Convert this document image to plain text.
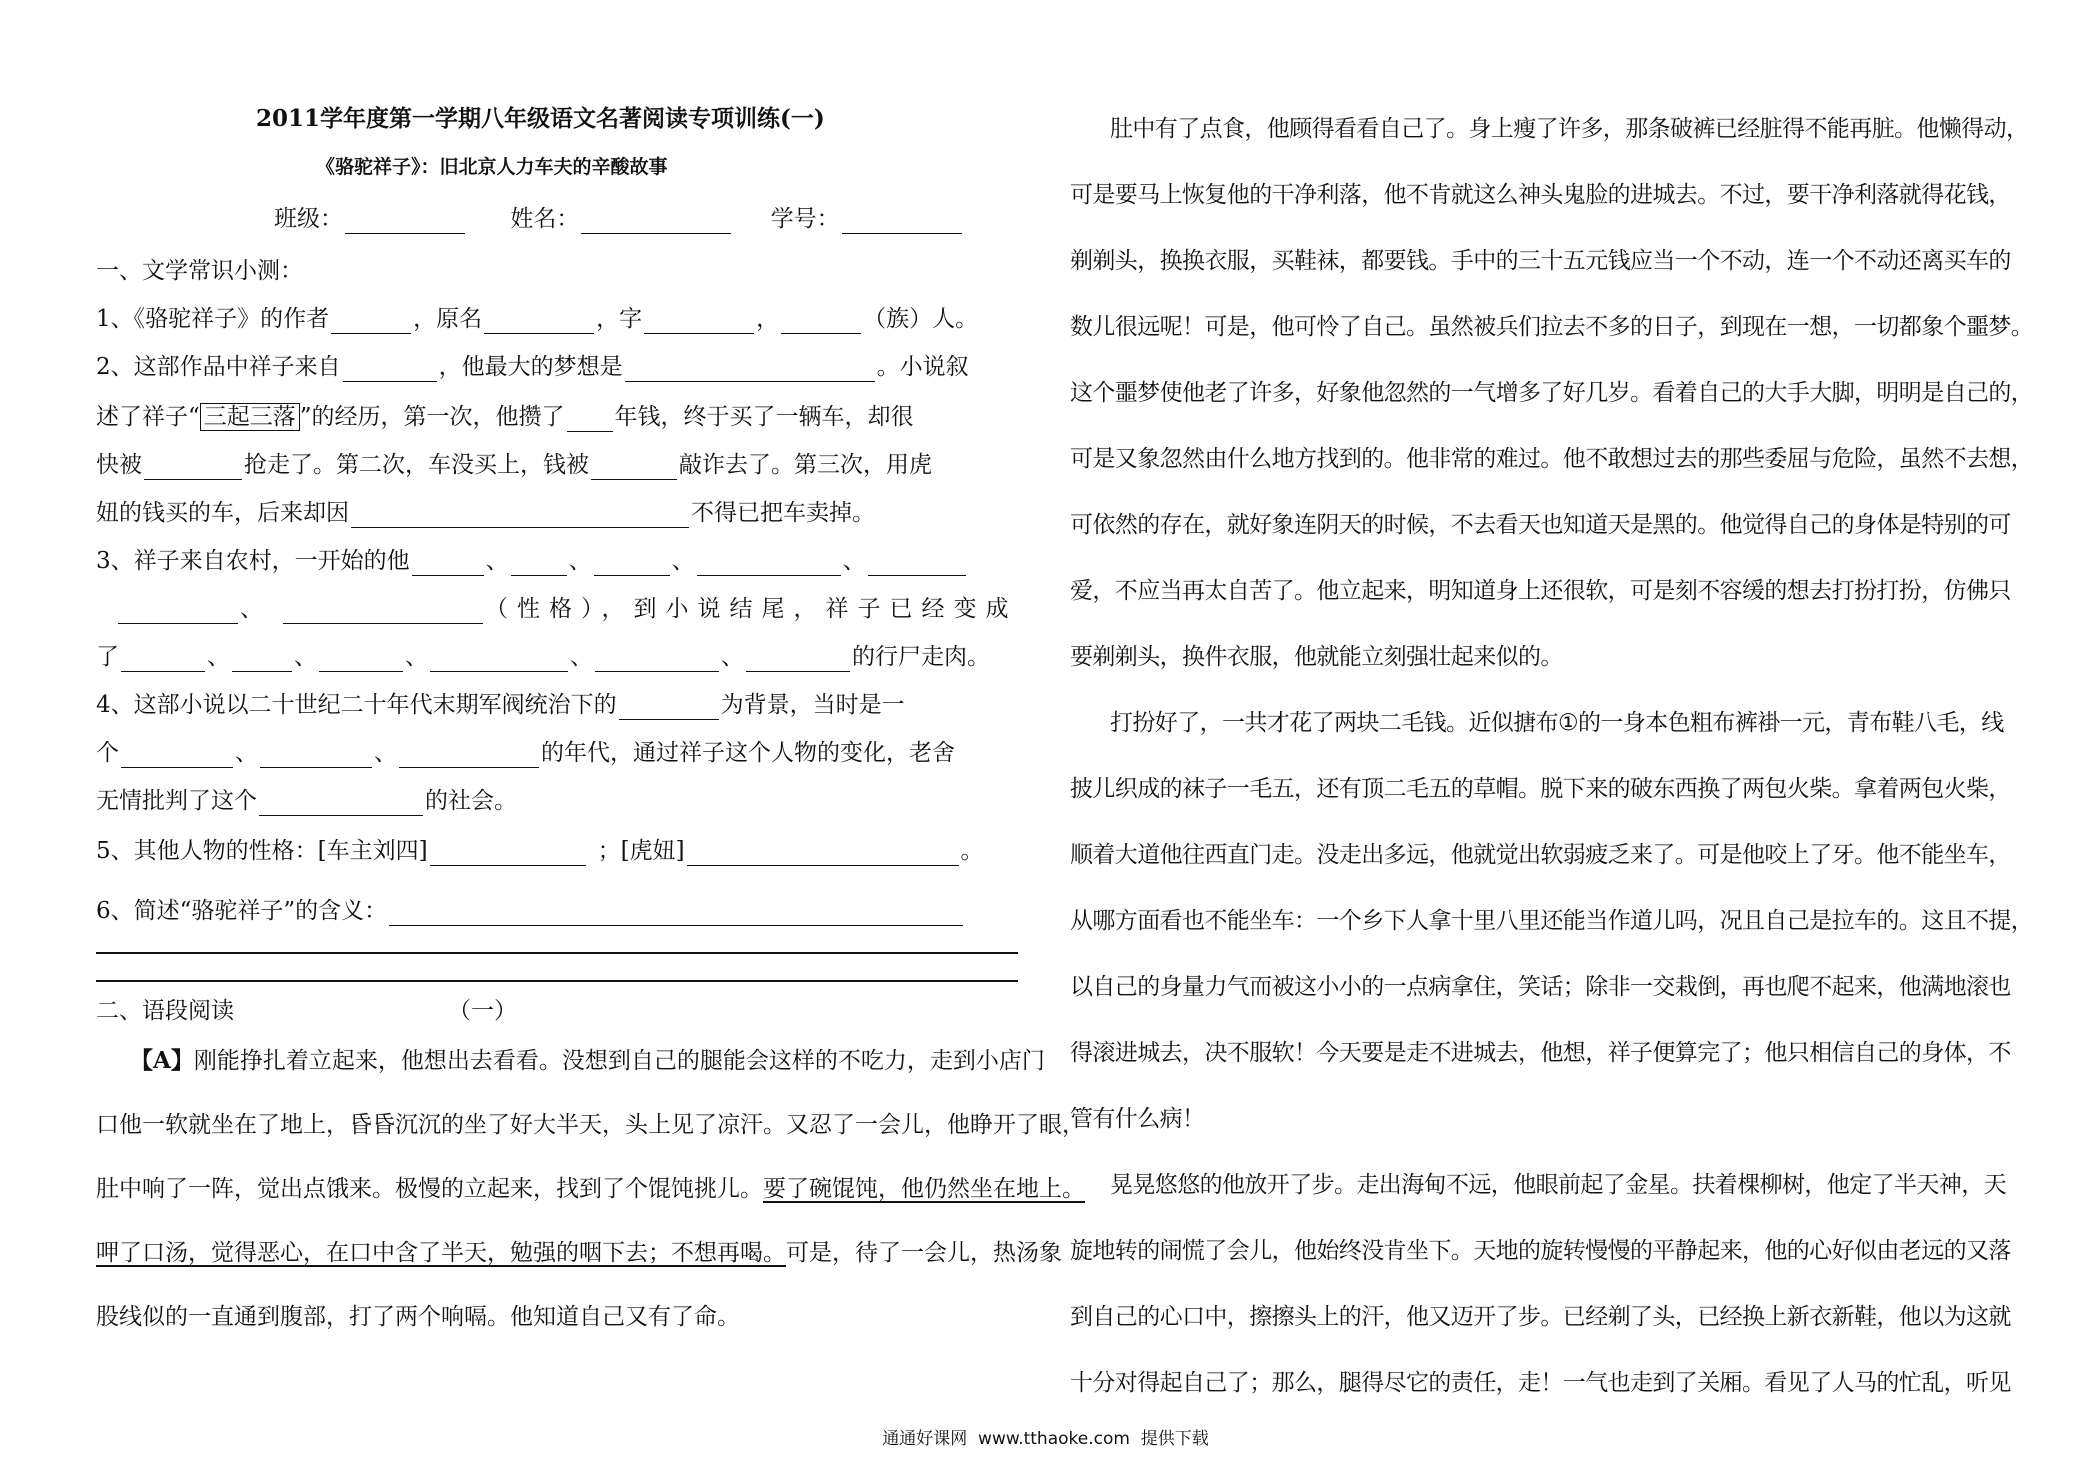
2011学年度第一学期八年级语文名著阅读专项训练(一)
《骆驼祥子》：旧北京人力车夫的辛酸故事
班级：	姓名：	学号：
一、文学常识小测：
1、《骆驼祥子》的作者	，原名	，字	，	（族）人。
2、这部作品中祥子来自	，他最大的梦想是	。小说叙
述了祥子“ 三起三落 ”的经历，第一次，他攒了 年钱，终于买了一辆车，却很
快被	抢走了。第二次，车没买上，钱被	敲诈去了。第三次，用虎
妞的钱买的车，后来却因	不得已把车卖掉。
3、祥子来自农村，一开始的他	、	、	、	、
、	（性格），到小说结尾，祥子已经变成
了	、	、	、	、	、	的行尸走肉。
4、这部小说以二十世纪二十年代末期军阀统治下的	为背景，当时是一
个	、	、	的年代，通过祥子这个人物的变化，老舍
无情批判了这个	的社会。
5、其他人物的性格：[车主刘四]	；[虎妞]	。
6、简述“骆驼祥子”的含义：
二、语段阅读	（一）
【A】刚能挣扎着立起来，他想出去看看。没想到自己的腿能会这样的不吃力，走到小店门
口他一软就坐在了地上，昏昏沉沉的坐了好大半天，头上见了凉汗。又忍了一会儿，他睁开了眼，
肚中响了一阵，觉出点饿来。极慢的立起来，找到了个馄饨挑儿。要了碗馄饨，他仍然坐在地上。
呷了口汤，觉得恶心，在口中含了半天，勉强的咽下去；不想再喝。可是，待了一会儿，热汤象
股线似的一直通到腹部，打了两个响嗝。他知道自己又有了命。
肚中有了点食，他顾得看看自己了。身上瘦了许多，那条破裤已经脏得不能再脏。他懒得动，
可是要马上恢复他的干净利落，他不肯就这么神头鬼脸的进城去。不过，要干净利落就得花钱，
剃剃头，换换衣服，买鞋袜，都要钱。手中的三十五元钱应当一个不动，连一个不动还离买车的
数儿很远呢！可是，他可怜了自己。虽然被兵们拉去不多的日子，到现在一想，一切都象个噩梦。
这个噩梦使他老了许多，好象他忽然的一气增多了好几岁。看着自己的大手大脚，明明是自己的，
可是又象忽然由什么地方找到的。他非常的难过。他不敢想过去的那些委屈与危险，虽然不去想，
可依然的存在，就好象连阴天的时候，不去看天也知道天是黑的。他觉得自己的身体是特别的可
爱，不应当再太自苦了。他立起来，明知道身上还很软，可是刻不容缓的想去打扮打扮，仿佛只
要剃剃头，换件衣服，他就能立刻强壮起来似的。
打扮好了，一共才花了两块二毛钱。近似搪布①的一身本色粗布裤褂一元，青布鞋八毛，线
披儿织成的袜子一毛五，还有顶二毛五的草帽。脱下来的破东西换了两包火柴。拿着两包火柴，
顺着大道他往西直门走。没走出多远，他就觉出软弱疲乏来了。可是他咬上了牙。他不能坐车，
从哪方面看也不能坐车：一个乡下人拿十里八里还能当作道儿吗，况且自己是拉车的。这且不提，
以自己的身量力气而被这小小的一点病拿住，笑话；除非一交栽倒，再也爬不起来，他满地滚也
得滚进城去，决不服软！今天要是走不进城去，他想，祥子便算完了；他只相信自己的身体，不
管有什么病！
晃晃悠悠的他放开了步。走出海甸不远，他眼前起了金星。扶着棵柳树，他定了半天神，天
旋地转的闹慌了会儿，他始终没肯坐下。天地的旋转慢慢的平静起来，他的心好似由老远的又落
到自己的心口中，擦擦头上的汗，他又迈开了步。已经剃了头，已经换上新衣新鞋，他以为这就
十分对得起自己了；那么，腿得尽它的责任，走！一气也走到了关厢。看见了人马的忙乱，听见
通通好课网  www.tthaoke.com  提供下载
